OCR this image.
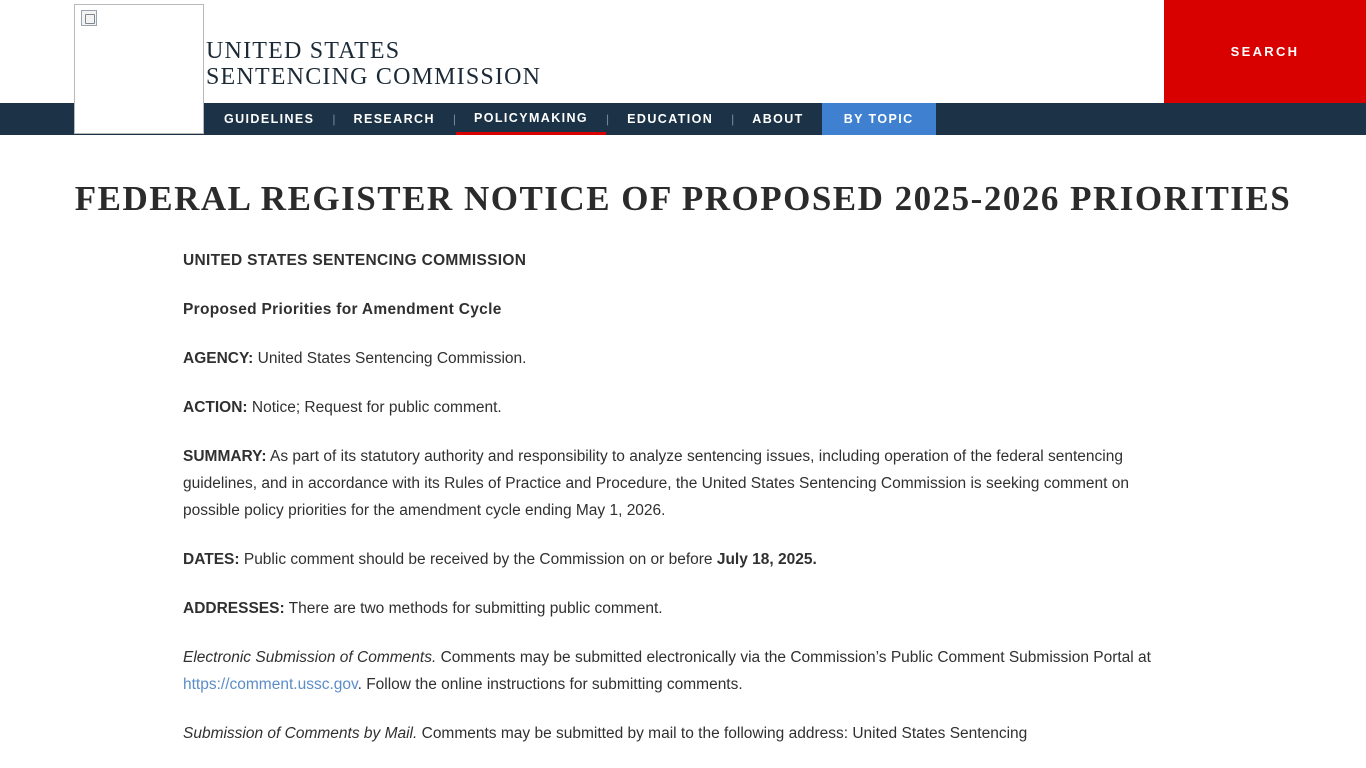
UNITED STATES
SENTENCING COMMISSION
SEARCH
GUIDELINES	|	RESEARCH	|	POLICYMAKING	|	EDUCATION	|	ABOUT	BY TOPIC
FEDERAL REGISTER NOTICE OF PROPOSED 2025-2026 PRIORITIES

UNITED STATES SENTENCING COMMISSION

Proposed Priorities for Amendment Cycle

AGENCY: United States Sentencing Commission.

ACTION: Notice; Request for public comment.

SUMMARY: As part of its statutory authority and responsibility to analyze sentencing issues, including operation of the federal sentencing guidelines, and in accordance with its Rules of Practice and Procedure, the United States Sentencing Commission is seeking comment on possible policy priorities for the amendment cycle ending May 1, 2026.

DATES: Public comment should be received by the Commission on or before July 18, 2025.

ADDRESSES: There are two methods for submitting public comment.

Electronic Submission of Comments. Comments may be submitted electronically via the Commission’s Public Comment Submission Portal at https://comment.ussc.gov. Follow the online instructions for submitting comments.

Submission of Comments by Mail. Comments may be submitted by mail to the following address: United States Sentencing
